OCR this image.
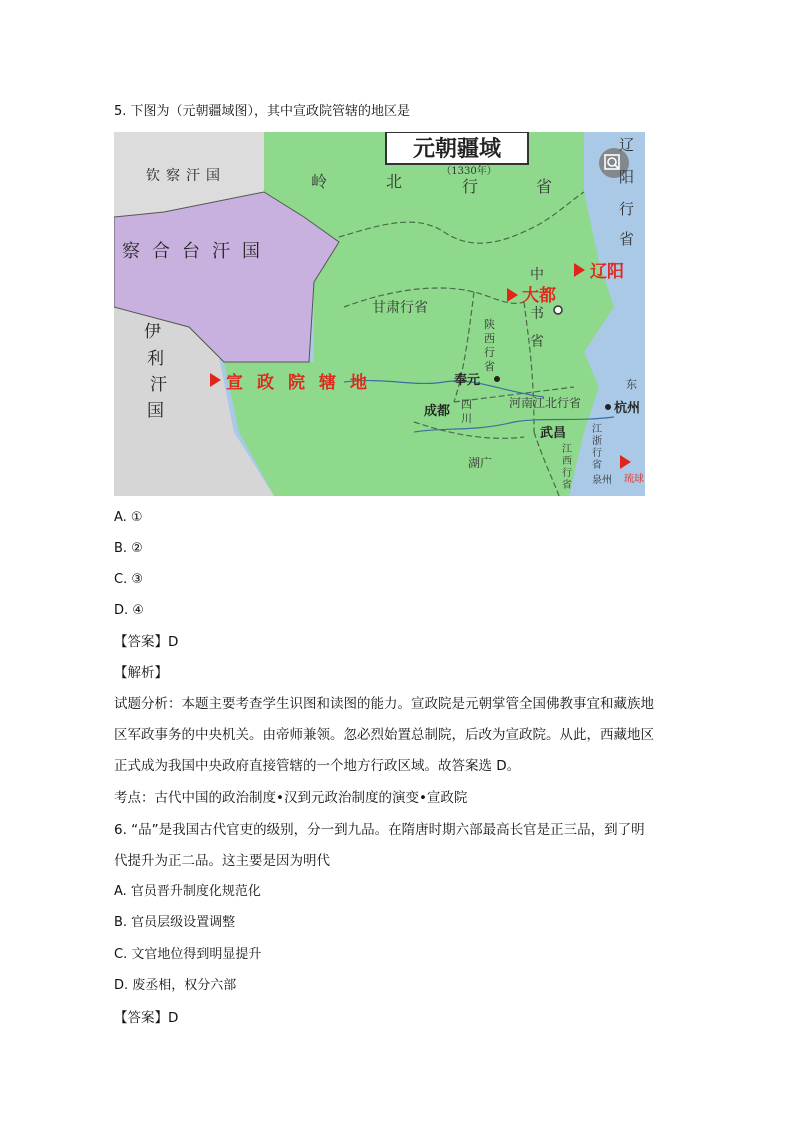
5. 下图为（元朝疆域图），其中宣政院管辖的地区是
元朝疆域
（1330年）
钦察汗国
察合台汗国
伊
利
汗
国
岭	北	行	省
辽
阳
行
省
辽阳
大都
宣政院辖地
琉球
中
书
省
甘肃行省
陕
西
行
省
奉元
成都 四
川
河南江北行省	杭州
武昌
湖广
江
西
行
省
江
浙
行
省
泉州
东
A. ①
B. ②
C. ③
D. ④
【答案】D
【解析】
试题分析：本题主要考查学生识图和读图的能力。宣政院是元朝掌管全国佛教事宜和藏族地区军政事务的中央机关。由帝师兼领。忽必烈始置总制院，后改为宣政院。从此，西藏地区正式成为我国中央政府直接管辖的一个地方行政区域。故答案选 D。
考点：古代中国的政治制度•汉到元政治制度的演变•宣政院
6. “品”是我国古代官吏的级别，分一到九品。在隋唐时期六部最高长官是正三品，到了明
代提升为正二品。这主要是因为明代
A. 官员晋升制度化规范化
B. 官员层级设置调整
C. 文官地位得到明显提升
D. 废丞相，权分六部
【答案】D
